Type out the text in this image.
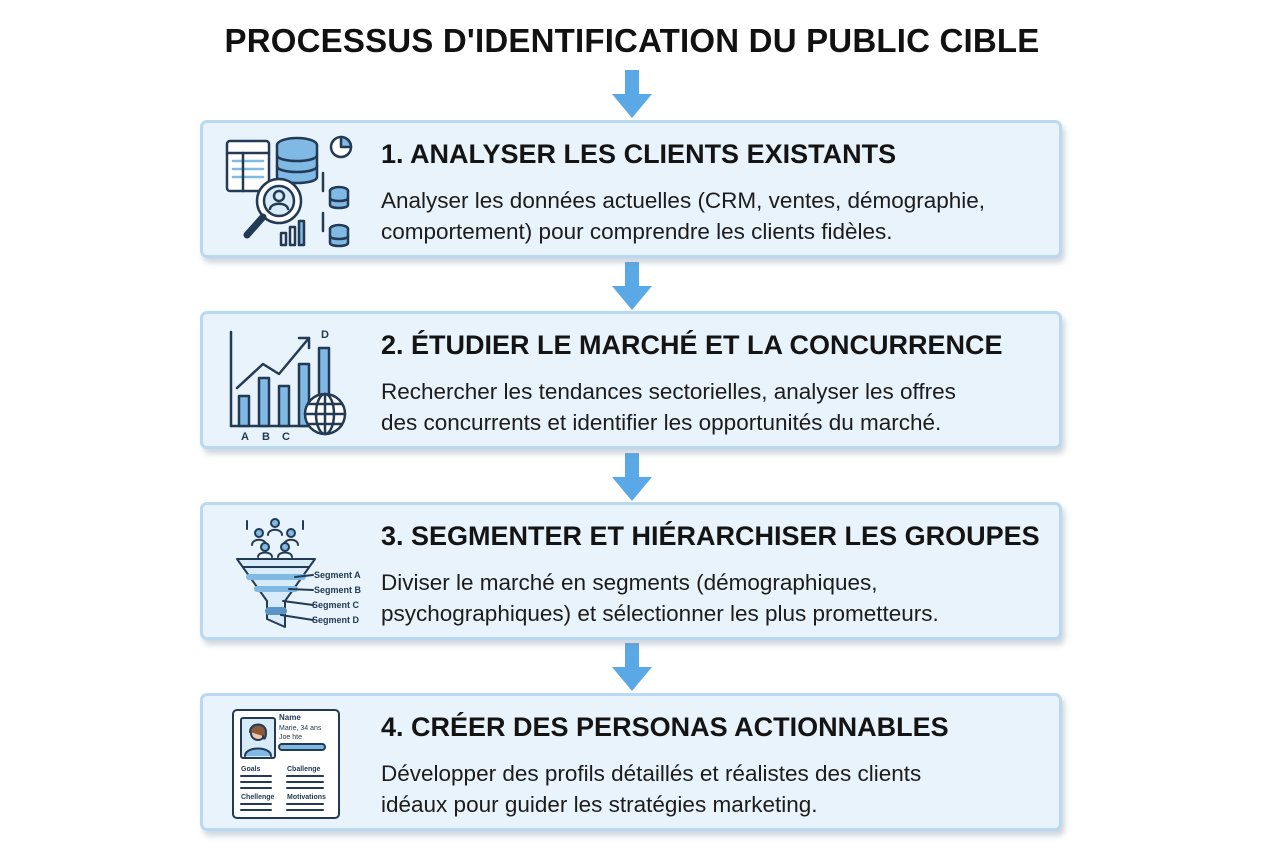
PROCESSUS D'IDENTIFICATION DU PUBLIC CIBLE
1. ANALYSER LES CLIENTS EXISTANTS
Analyser les données actuelles (CRM, ventes, démographie,
comportement) pour comprendre les clients fidèles.
A B C
D 2. ÉTUDIER LE MARCHÉ ET LA CONCURRENCE
Rechercher les tendances sectorielles, analyser les offres
des concurrents et identifier les opportunités du marché.
Segment A
Segment B
Segment C
Segment D
3. SEGMENTER ET HIÉRARCHISER LES GROUPES
Diviser le marché en segments (démographiques,
psychographiques) et sélectionner les plus prometteurs.
Name
Marie, 34 ans
Joe hte
Goals	Cballenge
Chellenge Motivations
4. CRÉER DES PERSONAS ACTIONNABLES
Développer des profils détaillés et réalistes des clients
idéaux pour guider les stratégies marketing.
